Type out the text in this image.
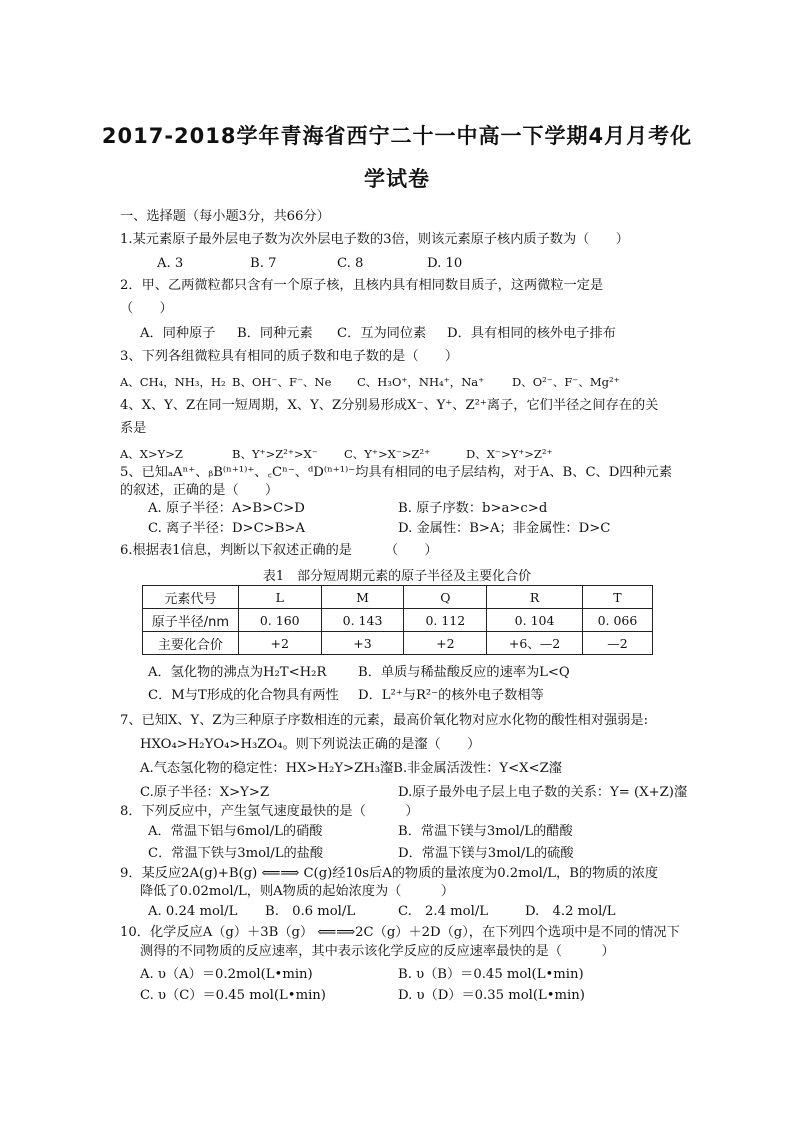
2017-2018学年青海省西宁二十一中高一下学期4月月考化
学试卷
一、选择题（每小题3分，共66分）
1.某元素原子最外层电子数为次外层电子数的3倍，则该元素原子核内质子数为（　　）
A. 3	B. 7	C. 8	D. 10
2．甲、乙两微粒都只含有一个原子核，且核内具有相同数目质子，这两微粒一定是
（　　）
A．同种原子 B．同种元素 C．互为同位素 D．具有相同的核外电子排布
3、下列各组微粒具有相同的质子数和电子数的是（　　）
A、CH₄，NH₃，H₂ B、OH⁻、F⁻、Ne C、H₃O⁺，NH₄⁺，Na⁺ D、O²⁻、F⁻、Mg²⁺
4、X、Y、Z在同一短周期，X、Y、Z分别易形成X⁻、Y⁺、Z²⁺离子，它们半径之间存在的关
系是
A、X>Y>Z	B、Y⁺>Z²⁺>X⁻ C、Y⁺>X⁻>Z²⁺	D、X⁻>Y⁺>Z²⁺
5、已知ₐAⁿ⁺、ᵦB⁽ⁿ⁺¹⁾⁺、꜀Cⁿ⁻、ᵈD⁽ⁿ⁺¹⁾⁻均具有相同的电子层结构，对于A、B、C、D四种元素
的叙述，正确的是（　　）
A. 原子半径：A>B>C>D	B. 原子序数：b>a>c>d
C. 离子半径：D>C>B>A	D. 金属性：B>A；非金属性：D>C
6.根据表1信息，判断以下叙述正确的是　　　（　　）
表1　部分短周期元素的原子半径及主要化合价
元素代号	L	M	Q	R	T
原子半径/nm	0. 160	0. 143	0. 112	0. 104	0. 066
主要化合价	+2	+3	+2	+6、—2	—2
A．氢化物的沸点为H₂T<H₂R B．单质与稀盐酸反应的速率为L<Q
C．M与T形成的化合物具有两性 D．L²⁺与R²⁻的核外电子数相等
7、已知X、Y、Z为三种原子序数相连的元素，最高价氧化物对应水化物的酸性相对强弱是:
HXO₄>H₂YO₄>H₃ZO₄。则下列说法正确的是瀣（　　）
A.气态氢化物的稳定性：HX>H₂Y>ZH₃瀣B.非金属活泼性：Y<X<Z瀣
C.原子半径：X>Y>Z	D.原子最外电子层上电子数的关系：Y= (X+Z)瀣
8．下列反应中，产生氢气速度最快的是（　　　）
A．常温下铝与6mol/L的硝酸	B．常温下镁与3mol/L的醋酸
C．常温下铁与3mol/L的盐酸	D．常温下镁与3mol/L的硫酸
9．某反应2A(g)+B(g) ⟸⟹ C(g)经10s后A的物质的量浓度为0.2mol/L，B的物质的浓度
降低了0.02mol/L，则A物质的起始浓度为（　　　）
A. 0.24 mol/L B.　0.6 mol/L	C.　2.4 mol/L	D.　4.2 mol/L
10．化学反应A（g）＋3B（g） ⟸⟹2C（g）＋2D（g），在下列四个选项中是不同的情况下
测得的不同物质的反应速率，其中表示该化学反应的反应速率最快的是（　　　）
A. υ（A）＝0.2mol(L•min)	B. υ（B）＝0.45 mol(L•min)
C. υ（C）＝0.45 mol(L•min)	D. υ（D）＝0.35 mol(L•min)
